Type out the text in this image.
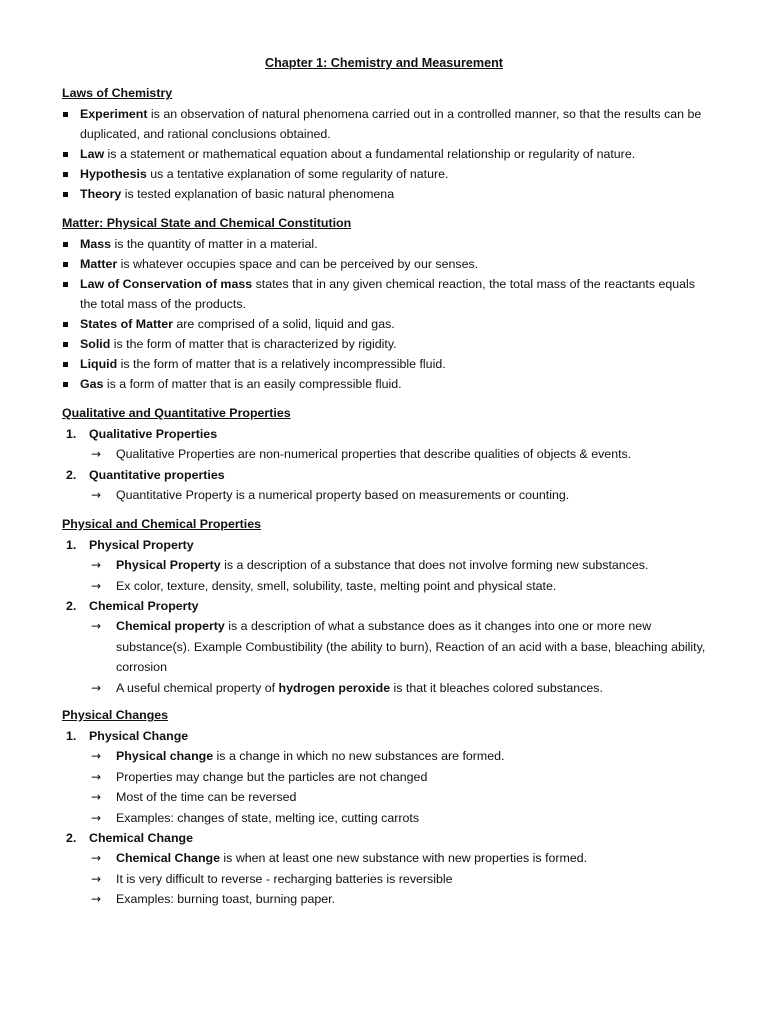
Chapter 1: Chemistry and Measurement
Laws of Chemistry
Experiment is an observation of natural phenomena carried out in a controlled manner, so that the results can be duplicated, and rational conclusions obtained.
Law is a statement or mathematical equation about a fundamental relationship or regularity of nature.
Hypothesis us a tentative explanation of some regularity of nature.
Theory is tested explanation of basic natural phenomena
Matter: Physical State and Chemical Constitution
Mass is the quantity of matter in a material.
Matter is whatever occupies space and can be perceived by our senses.
Law of Conservation of mass states that in any given chemical reaction, the total mass of the reactants equals the total mass of the products.
States of Matter are comprised of a solid, liquid and gas.
Solid is the form of matter that is characterized by rigidity.
Liquid is the form of matter that is a relatively incompressible fluid.
Gas is a form of matter that is an easily compressible fluid.
Qualitative and Quantitative Properties
1. Qualitative Properties
→ Qualitative Properties are non-numerical properties that describe qualities of objects & events.
2. Quantitative properties
→ Quantitative Property is a numerical property based on measurements or counting.
Physical and Chemical Properties
1. Physical Property
→ Physical Property is a description of a substance that does not involve forming new substances.
→ Ex color, texture, density, smell, solubility, taste, melting point and physical state.
2. Chemical Property
→ Chemical property is a description of what a substance does as it changes into one or more new substance(s). Example Combustibility (the ability to burn), Reaction of an acid with a base, bleaching ability, corrosion
→ A useful chemical property of hydrogen peroxide is that it bleaches colored substances.
Physical Changes
1. Physical Change
→ Physical change is a change in which no new substances are formed.
→ Properties may change but the particles are not changed
→ Most of the time can be reversed
→ Examples: changes of state, melting ice, cutting carrots
2. Chemical Change
→ Chemical Change is when at least one new substance with new properties is formed.
→ It is very difficult to reverse - recharging batteries is reversible
→ Examples: burning toast, burning paper.
